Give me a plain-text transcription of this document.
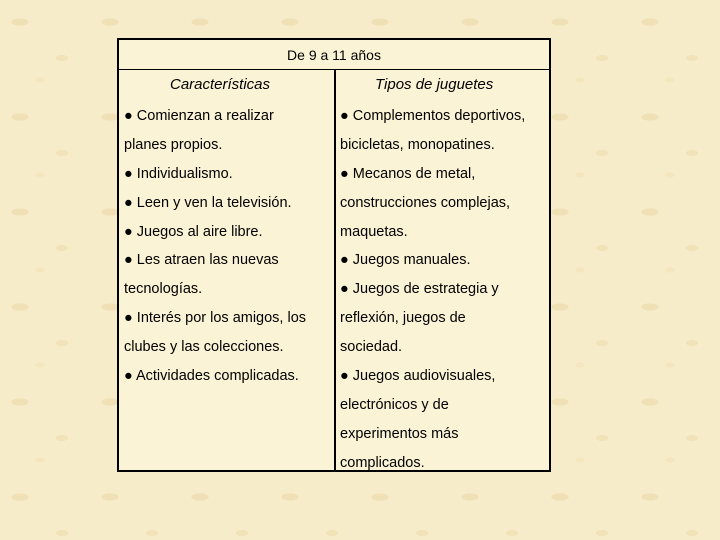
De 9 a 11 años
Características	Tipos de juguetes
● Comienzan a realizar
planes propios.
● Individualismo.
● Leen y ven la televisión.
● Juegos al aire libre.
● Les atraen las nuevas
tecnologías.
● Interés por los amigos, los
clubes y las colecciones.
● Actividades complicadas.
● Complementos deportivos,
bicicletas, monopatines.
● Mecanos de metal,
construcciones complejas,
maquetas.
● Juegos manuales.
● Juegos de estrategia y
reflexión, juegos de
sociedad.
● Juegos audiovisuales,
electrónicos y de
experimentos más
complicados.
